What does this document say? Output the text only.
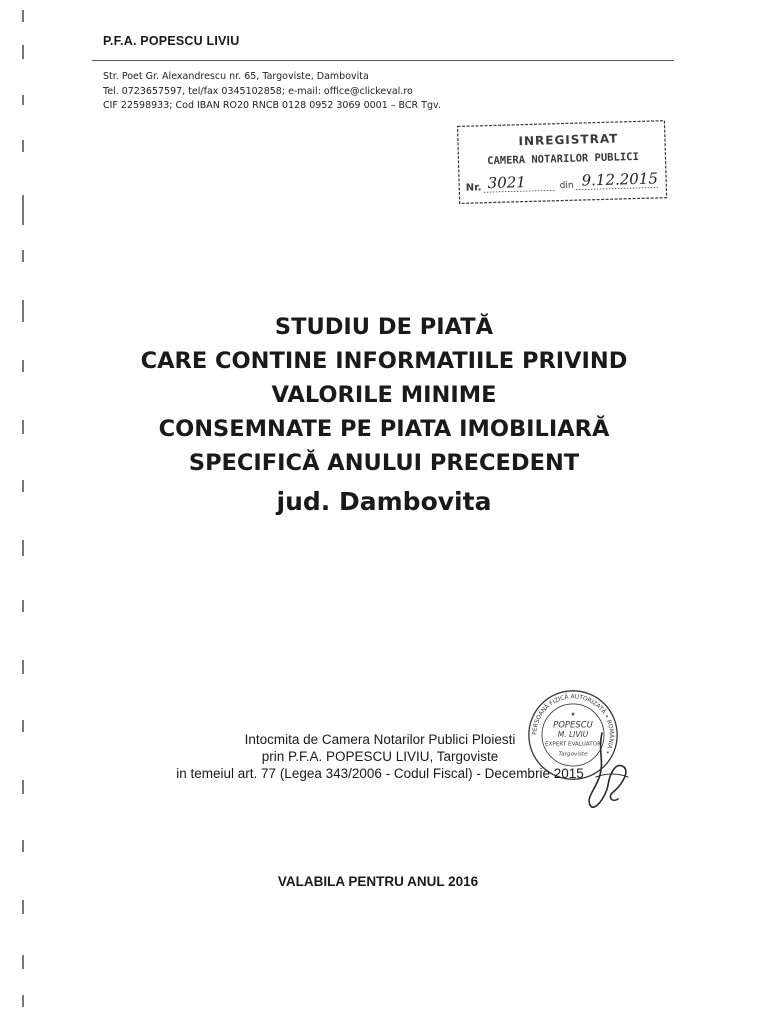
P.F.A. POPESCU LIVIU
Str. Poet Gr. Alexandrescu nr. 65, Targoviste, Dambovita
Tel. 0723657597, tel/fax 0345102858; e-mail: office@clickeval.ro
CIF 22598933; Cod IBAN RO20 RNCB 0128 0952 3069 0001 – BCR Tgv.
INREGISTRAT
CAMERA NOTARILOR PUBLICI
Nr. 3021	din 9.12.2015
STUDIU DE PIATĂ
CARE CONTINE INFORMATIILE PRIVIND
VALORILE MINIME
CONSEMNATE PE PIATA IMOBILIARĂ
SPECIFICĂ ANULUI PRECEDENT
jud. Dambovita
PERSOANĂ FIZICĂ AUTORIZATĂ • ROMÂNIA •
★
POPESCU
M. LIVIU
EXPERT EVALUATOR
Targoviste
Intocmita de Camera Notarilor Publici Ploiesti
prin P.F.A. POPESCU LIVIU, Targoviste
in temeiul art. 77 (Legea 343/2006 - Codul Fiscal) - Decembrie 2015
VALABILA PENTRU ANUL 2016
